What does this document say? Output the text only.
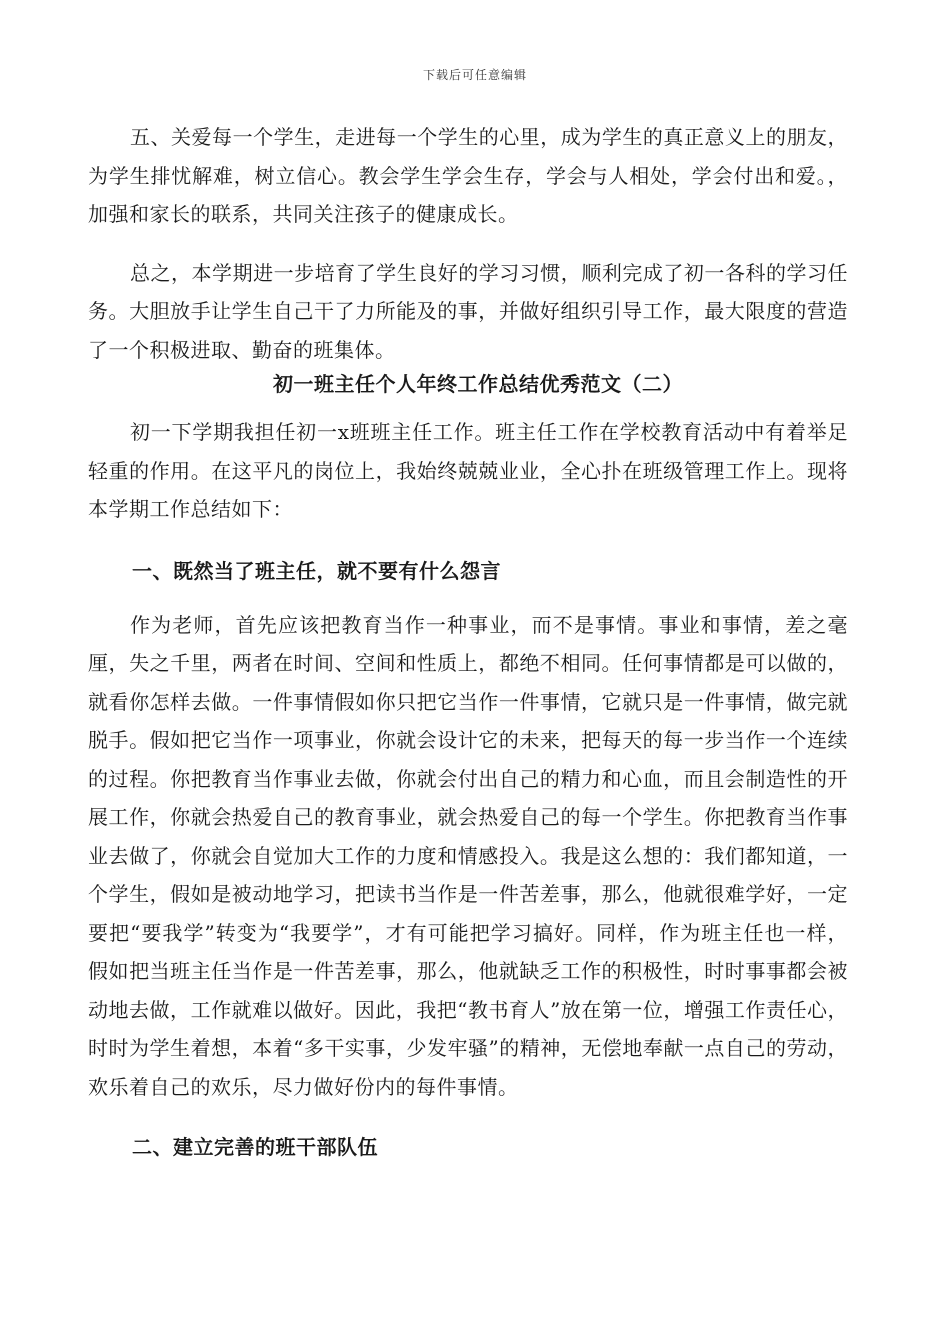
下载后可任意编辑

五、关爱每一个学生，走进每一个学生的心里，成为学生的真正意义上的朋友，为学生排忧解难，树立信心。教会学生学会生存，学会与人相处，学会付出和爱。，加强和家长的联系，共同关注孩子的健康成长。

总之，本学期进一步培育了学生良好的学习习惯，顺利完成了初一各科的学习任务。大胆放手让学生自己干了力所能及的事，并做好组织引导工作，最大限度的营造了一个积极进取、勤奋的班集体。

初一班主任个人年终工作总结优秀范文（二）

初一下学期我担任初一x班班主任工作。班主任工作在学校教育活动中有着举足轻重的作用。在这平凡的岗位上，我始终兢兢业业，全心扑在班级管理工作上。现将本学期工作总结如下：

一、既然当了班主任，就不要有什么怨言

作为老师，首先应该把教育当作一种事业，而不是事情。事业和事情，差之毫厘，失之千里，两者在时间、空间和性质上，都绝不相同。任何事情都是可以做的，就看你怎样去做。一件事情假如你只把它当作一件事情，它就只是一件事情，做完就脱手。假如把它当作一项事业，你就会设计它的未来，把每天的每一步当作一个连续的过程。你把教育当作事业去做，你就会付出自己的精力和心血，而且会制造性的开展工作，你就会热爱自己的教育事业，就会热爱自己的每一个学生。你把教育当作事业去做了，你就会自觉加大工作的力度和情感投入。我是这么想的：我们都知道，一个学生，假如是被动地学习，把读书当作是一件苦差事，那么，他就很难学好，一定要把“要我学”转变为“我要学”，才有可能把学习搞好。同样，作为班主任也一样，假如把当班主任当作是一件苦差事，那么，他就缺乏工作的积极性，时时事事都会被动地去做，工作就难以做好。因此，我把“教书育人”放在第一位，增强工作责任心，时时为学生着想，本着“多干实事，少发牢骚”的精神，无偿地奉献一点自己的劳动，欢乐着自己的欢乐，尽力做好份内的每件事情。

二、建立完善的班干部队伍
